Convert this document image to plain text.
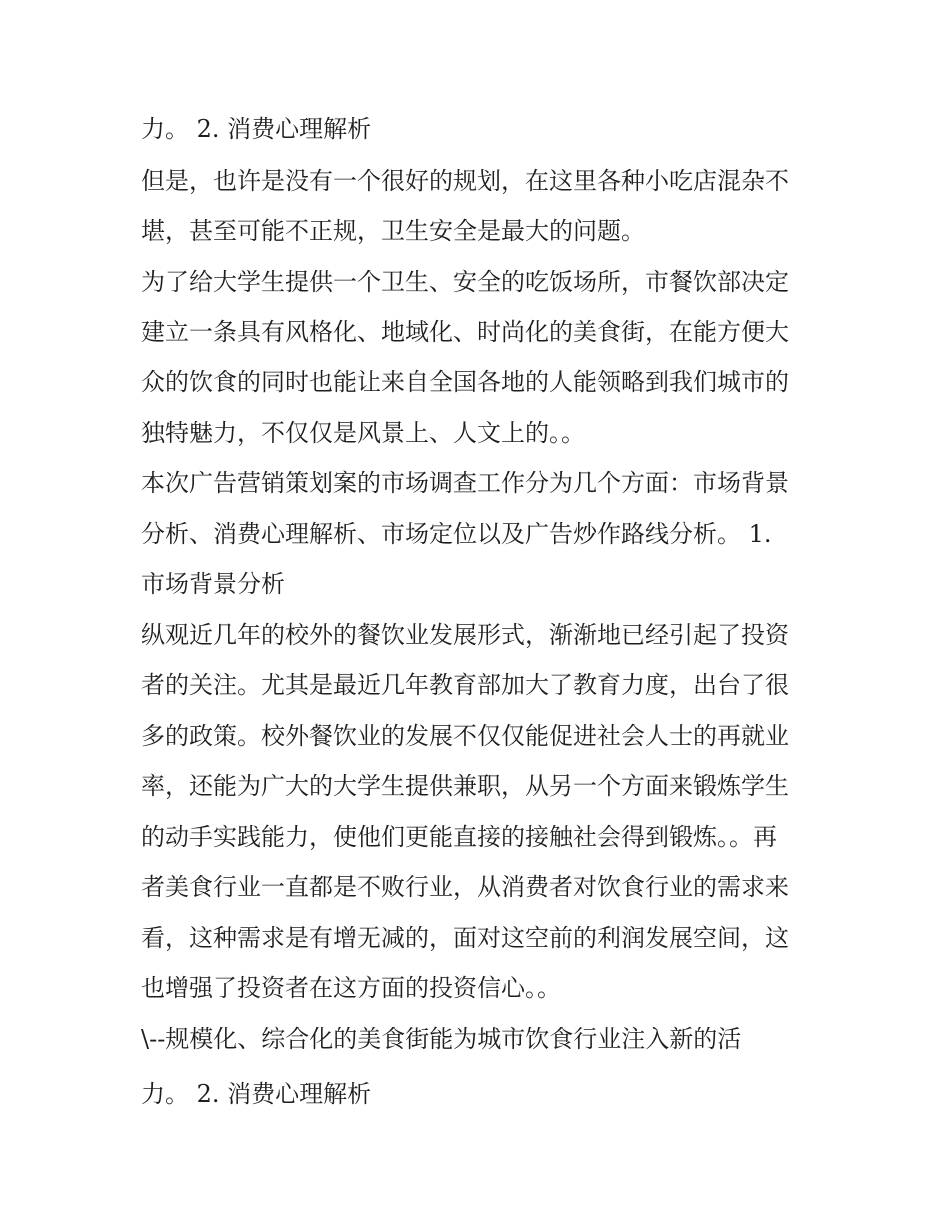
力。 2. 消费心理解析

但是，也许是没有一个很好的规划，在这里各种小吃店混杂不

堪，甚至可能不正规，卫生安全是最大的问题。

为了给大学生提供一个卫生、安全的吃饭场所，市餐饮部决定

建立一条具有风格化、地域化、时尚化的美食街，在能方便大

众的饮食的同时也能让来自全国各地的人能领略到我们城市的

独特魅力，不仅仅是风景上、人文上的。。

本次广告营销策划案的市场调查工作分为几个方面：市场背景

分析、消费心理解析、市场定位以及广告炒作路线分析。 1.

市场背景分析

纵观近几年的校外的餐饮业发展形式，渐渐地已经引起了投资

者的关注。尤其是最近几年教育部加大了教育力度，出台了很

多的政策。校外餐饮业的发展不仅仅能促进社会人士的再就业

率，还能为广大的大学生提供兼职，从另一个方面来锻炼学生

的动手实践能力，使他们更能直接的接触社会得到锻炼。。再

者美食行业一直都是不败行业，从消费者对饮食行业的需求来

看，这种需求是有增无减的，面对这空前的利润发展空间，这

也增强了投资者在这方面的投资信心。。

\--规模化、综合化的美食街能为城市饮食行业注入新的活

力。 2. 消费心理解析
